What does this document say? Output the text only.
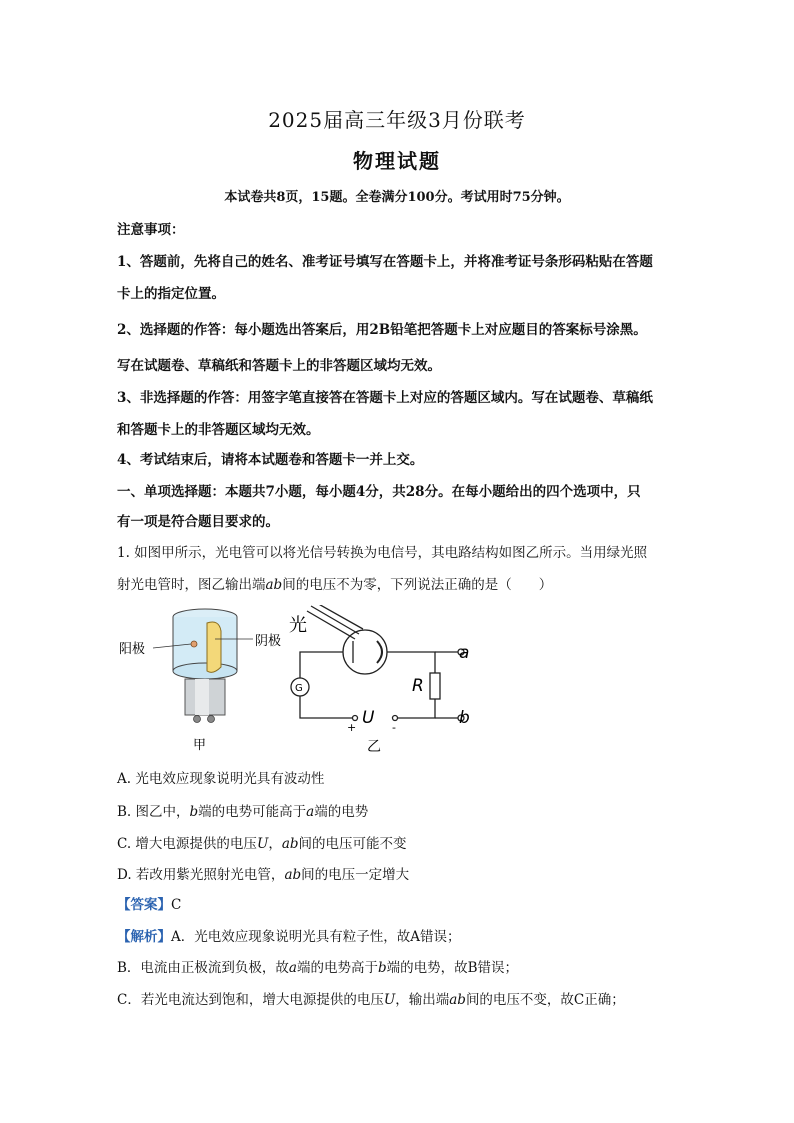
2025届高三年级3月份联考
物理试题
本试卷共8页，15题。全卷满分100分。考试用时75分钟。
注意事项：
1、答题前，先将自己的姓名、准考证号填写在答题卡上，并将准考证号条形码粘贴在答题
卡上的指定位置。
2、选择题的作答：每小题选出答案后，用2B铅笔把答题卡上对应题目的答案标号涂黑。
写在试题卷、草稿纸和答题卡上的非答题区域均无效。
3、非选择题的作答：用签字笔直接答在答题卡上对应的答题区域内。写在试题卷、草稿纸
和答题卡上的非答题区域均无效。
4、考试结束后，请将本试题卷和答题卡一并上交。
一、单项选择题：本题共7小题，每小题4分，共28分。在每小题给出的四个选项中，只
有一项是符合题目要求的。
1. 如图甲所示，光电管可以将光信号转换为电信号，其电路结构如图乙所示。当用绿光照
射光电管时，图乙输出端ab间的电压不为零，下列说法正确的是（　　）
阳极
阴极
甲
光
G	R
U
+	-
a
b
乙
A. 光电效应现象说明光具有波动性
B. 图乙中，b端的电势可能高于a端的电势
C. 增大电源提供的电压U，ab间的电压可能不变
D. 若改用紫光照射光电管，ab间的电压一定增大
【答案】C
【解析】A．光电效应现象说明光具有粒子性，故A错误；
B．电流由正极流到负极，故a端的电势高于b端的电势，故B错误；
C．若光电流达到饱和，增大电源提供的电压U，输出端ab间的电压不变，故C正确；
